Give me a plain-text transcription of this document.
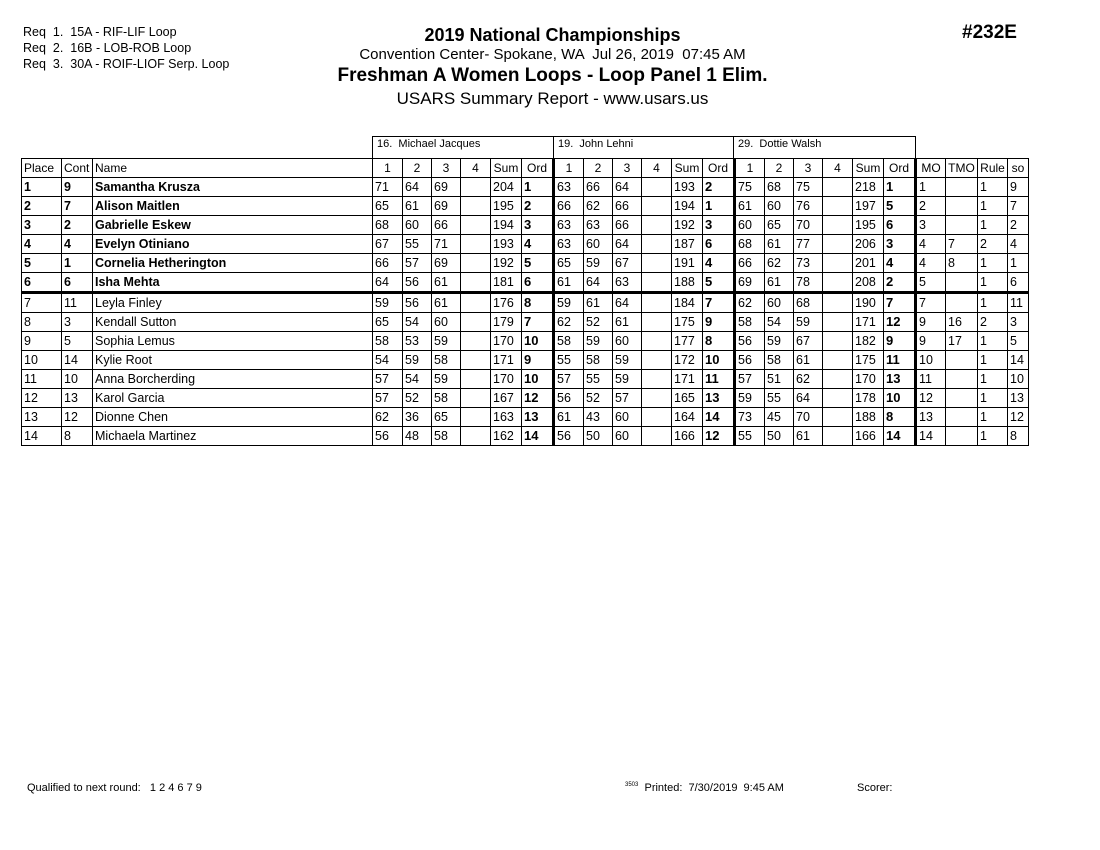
Req  1.  15A - RIF-LIF Loop
Req  2.  16B - LOB-ROB Loop
Req  3.  30A - ROIF-LIOF Serp. Loop
2019 National Championships
Convention Center- Spokane, WA  Jul 26, 2019  07:45 AM
Freshman A Women Loops - Loop Panel 1 Elim.
USARS Summary Report - www.usars.us
#232E
16.  Michael Jacques	19.  John Lehni	29.  Dottie Walsh
Place	Cont	Name	1	2	3	4	Sum	Ord	1	2	3	4	Sum	Ord	1	2	3	4	Sum	Ord	MO	TMO	Rule	so
1	9	Samantha Krusza	71	64	69		204	1	63	66	64		193	2	75	68	75		218	1	1		1	9
2	7	Alison Maitlen	65	61	69		195	2	66	62	66		194	1	61	60	76		197	5	2		1	7
3	2	Gabrielle Eskew	68	60	66		194	3	63	63	66		192	3	60	65	70		195	6	3		1	2
4	4	Evelyn Otiniano	67	55	71		193	4	63	60	64		187	6	68	61	77		206	3	4	7	2	4
5	1	Cornelia Hetherington	66	57	69		192	5	65	59	67		191	4	66	62	73		201	4	4	8	1	1
6	6	Isha Mehta	64	56	61		181	6	61	64	63		188	5	69	61	78		208	2	5		1	6
7	11	Leyla Finley	59	56	61		176	8	59	61	64		184	7	62	60	68		190	7	7		1	11
8	3	Kendall Sutton	65	54	60		179	7	62	52	61		175	9	58	54	59		171	12	9	16	2	3
9	5	Sophia Lemus	58	53	59		170	10	58	59	60		177	8	56	59	67		182	9	9	17	1	5
10	14	Kylie Root	54	59	58		171	9	55	58	59		172	10	56	58	61		175	11	10		1	14
11	10	Anna Borcherding	57	54	59		170	10	57	55	59		171	11	57	51	62		170	13	11		1	10
12	13	Karol Garcia	57	52	58		167	12	56	52	57		165	13	59	55	64		178	10	12		1	13
13	12	Dionne Chen	62	36	65		163	13	61	43	60		164	14	73	45	70		188	8	13		1	12
14	8	Michaela Martinez	56	48	58		162	14	56	50	60		166	12	55	50	61		166	14	14		1	8
Qualified to next round:   1 2 4 6 7 9	$^{3503}$ Printed:  7/30/2019  9:45 AM	Scorer:
